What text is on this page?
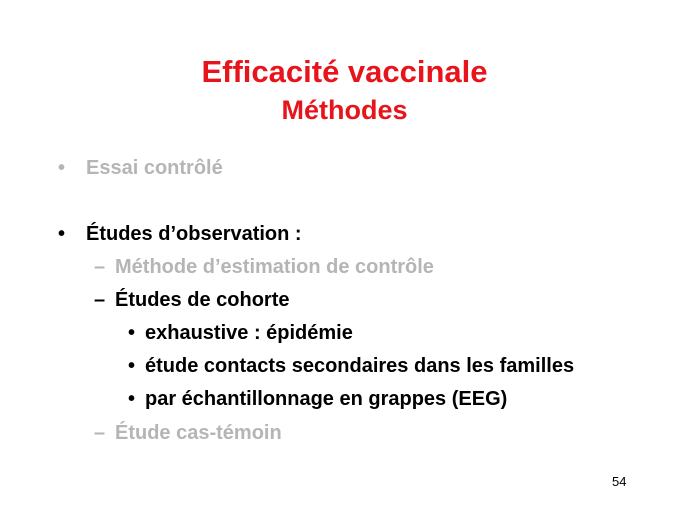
Efficacité vaccinale
Méthodes
• Essai contrôlé
• Études d’observation :
– Méthode d’estimation de contrôle
– Études de cohorte
• exhaustive : épidémie
• étude contacts secondaires dans les familles
• par échantillonnage en grappes (EEG)
– Étude cas-témoin
54
